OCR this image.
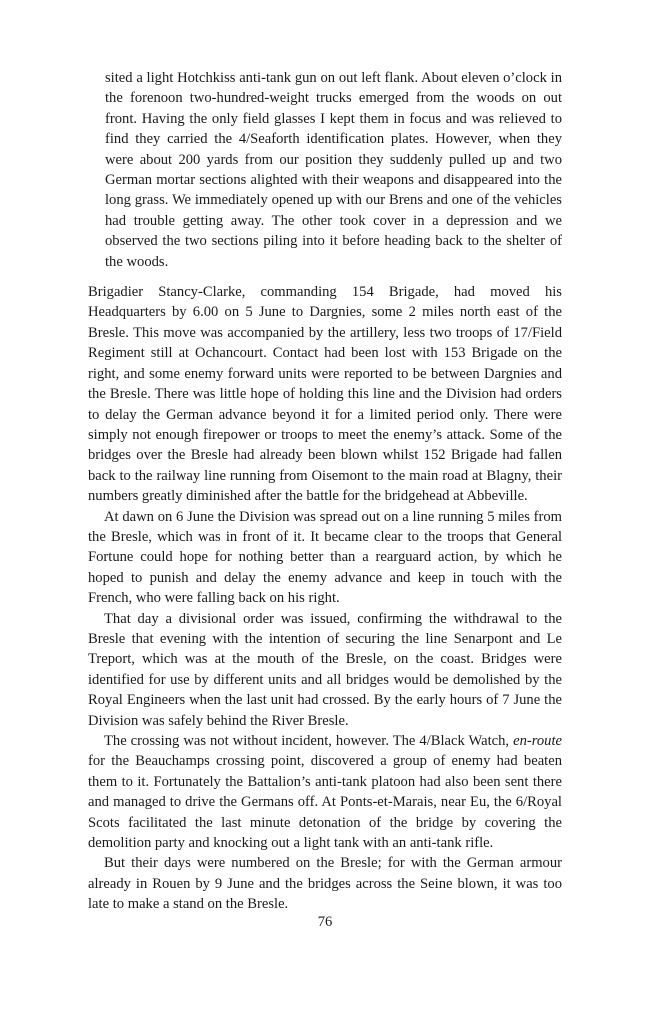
sited a light Hotchkiss anti-tank gun on out left flank. About eleven o’clock in the forenoon two-hundred-weight trucks emerged from the woods on out front. Having the only field glasses I kept them in focus and was relieved to find they carried the 4/Seaforth identification plates. However, when they were about 200 yards from our position they suddenly pulled up and two German mortar sections alighted with their weapons and disappeared into the long grass. We immediately opened up with our Brens and one of the vehicles had trouble getting away. The other took cover in a depression and we observed the two sections piling into it before heading back to the shelter of the woods.

Brigadier Stancy-Clarke, commanding 154 Brigade, had moved his Headquarters by 6.00 on 5 June to Dargnies, some 2 miles north east of the Bresle. This move was accompanied by the artillery, less two troops of 17/Field Regiment still at Ochancourt. Contact had been lost with 153 Brigade on the right, and some enemy forward units were reported to be between Dargnies and the Bresle. There was little hope of holding this line and the Division had orders to delay the German advance beyond it for a limited period only. There were simply not enough firepower or troops to meet the enemy’s attack. Some of the bridges over the Bresle had already been blown whilst 152 Brigade had fallen back to the railway line running from Oisemont to the main road at Blagny, their numbers greatly diminished after the battle for the bridgehead at Abbeville.

At dawn on 6 June the Division was spread out on a line running 5 miles from the Bresle, which was in front of it. It became clear to the troops that General Fortune could hope for nothing better than a rearguard action, by which he hoped to punish and delay the enemy advance and keep in touch with the French, who were falling back on his right.

That day a divisional order was issued, confirming the withdrawal to the Bresle that evening with the intention of securing the line Senarpont and Le Treport, which was at the mouth of the Bresle, on the coast. Bridges were identified for use by different units and all bridges would be demolished by the Royal Engineers when the last unit had crossed. By the early hours of 7 June the Division was safely behind the River Bresle.

The crossing was not without incident, however. The 4/Black Watch, en-route for the Beauchamps crossing point, discovered a group of enemy had beaten them to it. Fortunately the Battalion’s anti-tank platoon had also been sent there and managed to drive the Germans off. At Ponts-et-Marais, near Eu, the 6/Royal Scots facilitated the last minute detonation of the bridge by covering the demolition party and knocking out a light tank with an anti-tank rifle.

But their days were numbered on the Bresle; for with the German armour already in Rouen by 9 June and the bridges across the Seine blown, it was too late to make a stand on the Bresle.

76
